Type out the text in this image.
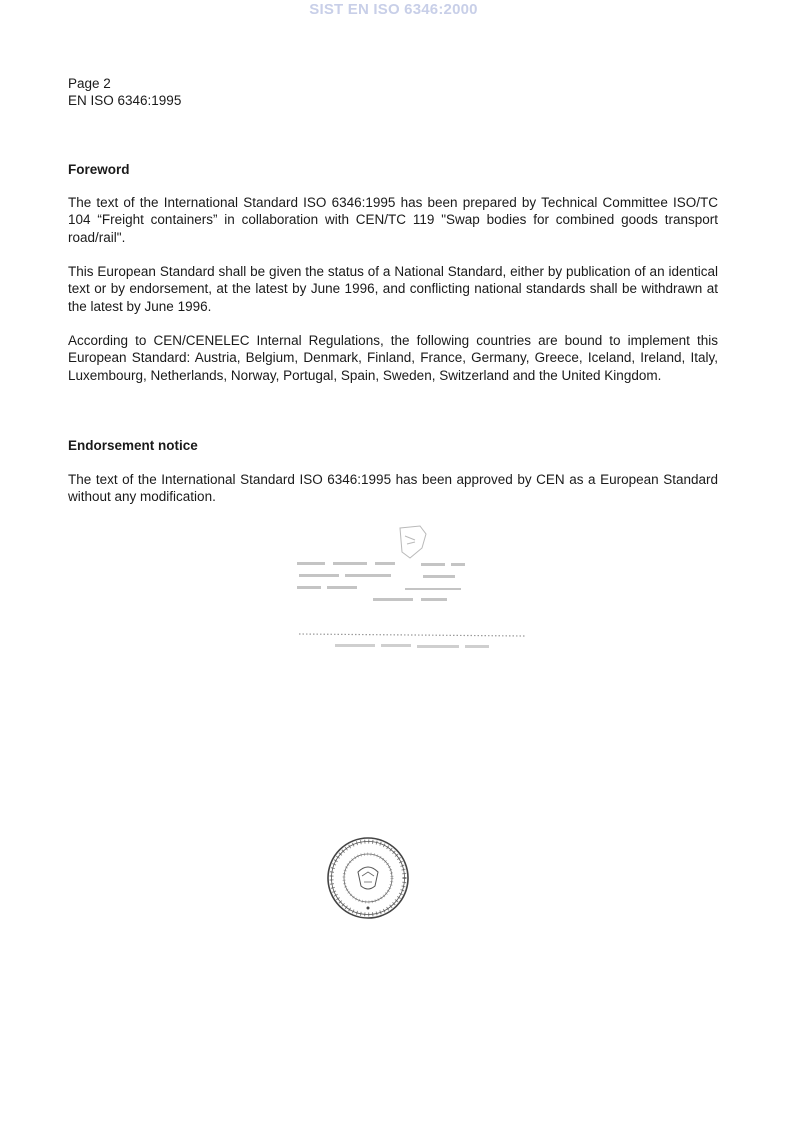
SIST EN ISO 6346:2000
Page 2
EN ISO 6346:1995
Foreword
The text of the International Standard ISO 6346:1995 has been prepared by Technical Committee ISO/TC 104 “Freight containers” in collaboration with CEN/TC 119 "Swap bodies for combined goods transport road/rail".
This European Standard shall be given the status of a National Standard, either by publication of an identical text or by endorsement, at the latest by June 1996, and conflicting national standards shall be withdrawn at the latest by June 1996.
According to CEN/CENELEC Internal Regulations, the following countries are bound to implement this European Standard: Austria, Belgium, Denmark, Finland, France, Germany, Greece, Iceland, Ireland, Italy, Luxembourg, Netherlands, Norway, Portugal, Spain, Sweden, Switzerland and the United Kingdom.
Endorsement notice
The text of the International Standard ISO 6346:1995 has been approved by CEN as a European Standard without any modification.
